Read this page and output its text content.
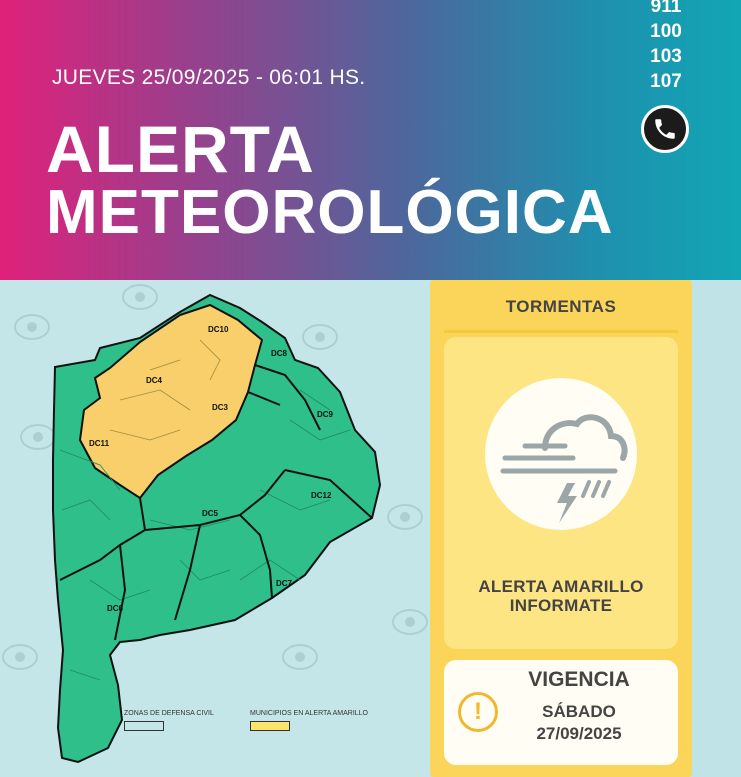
JUEVES 25/09/2025 - 06:01 HS.
ALERTA
METEOROLÓGICA
911
100
103
107
DC10
DC8
DC4
DC3
DC9
DC11
DC12
DC5
DC7
DC6
ZONAS DE DEFENSA CIVIL	MUNICIPIOS EN ALERTA AMARILLO
TORMENTAS
ALERTA AMARILLO
INFORMATE
!
VIGENCIA
SÁBADO
27/09/2025
